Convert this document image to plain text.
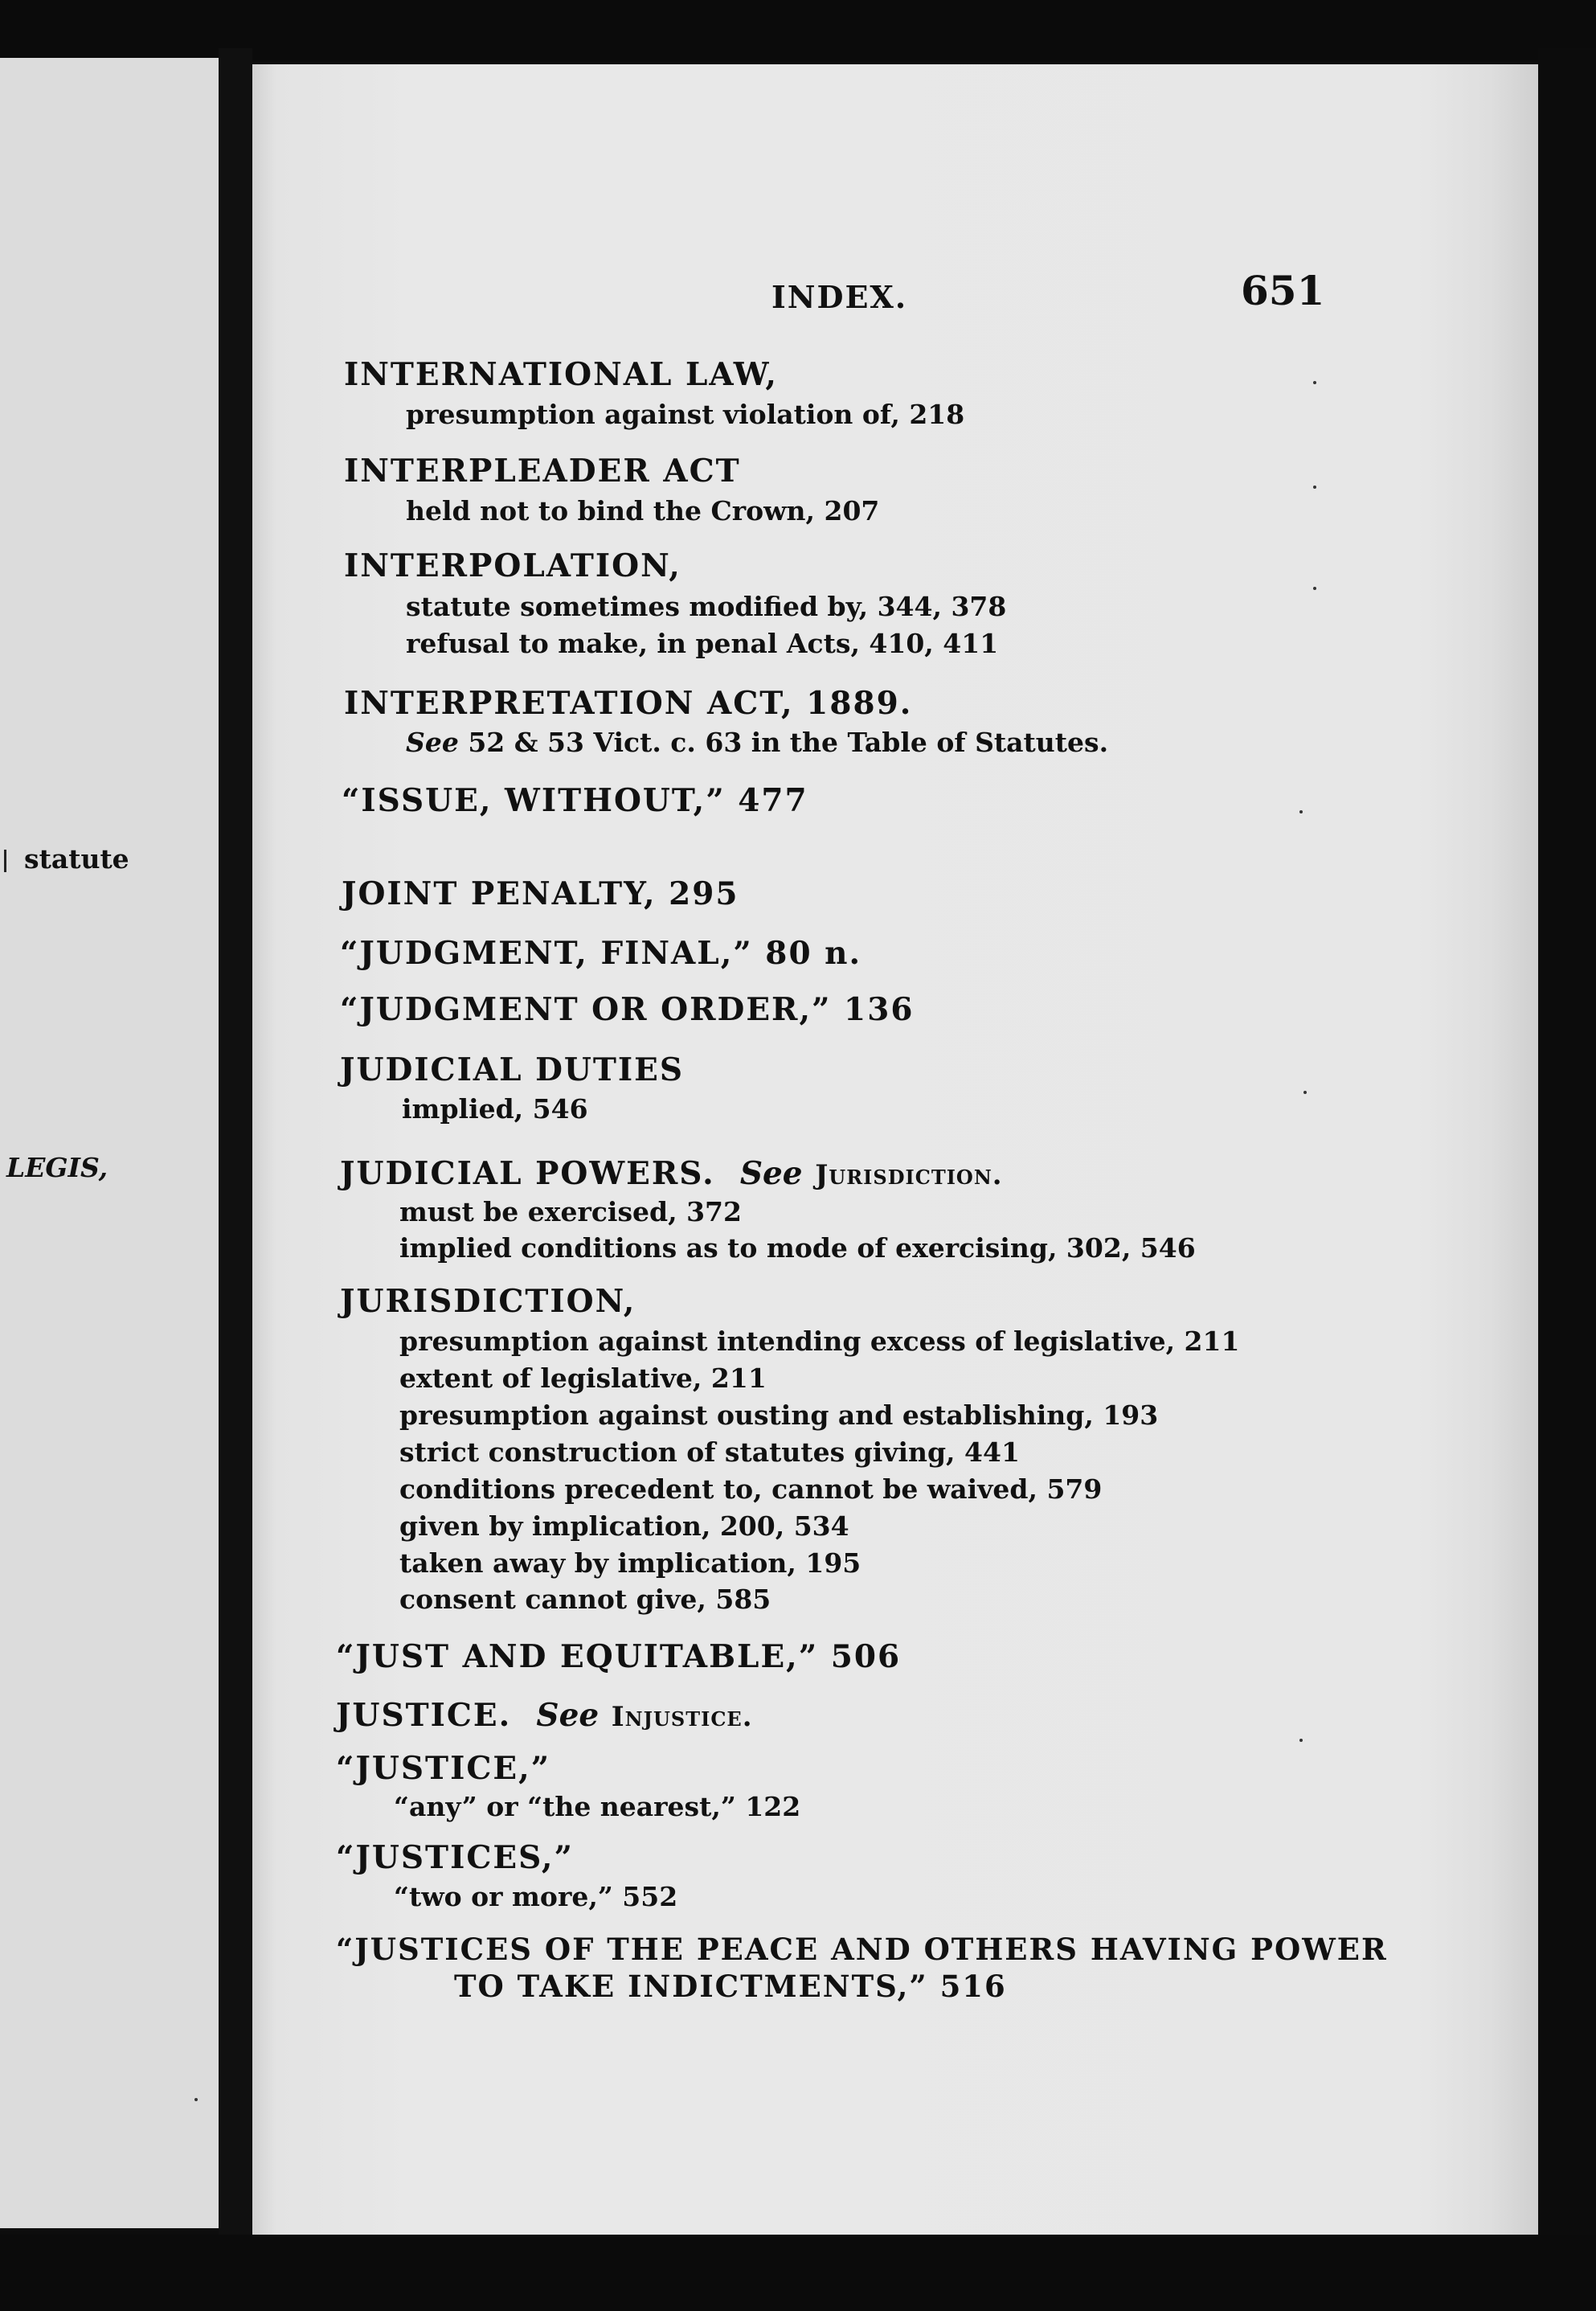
statute
LEGIS,
INDEX.	651
INTERNATIONAL LAW,
presumption against violation of, 218
INTERPLEADER ACT
held not to bind the Crown, 207
INTERPOLATION,
statute sometimes modified by, 344, 378
refusal to make, in penal Acts, 410, 411
INTERPRETATION ACT, 1889.
See 52 & 53 Vict. c. 63 in the Table of Statutes.
“ISSUE, WITHOUT,” 477
JOINT PENALTY, 295
“JUDGMENT, FINAL,” 80 n.
“JUDGMENT OR ORDER,” 136
JUDICIAL DUTIES
implied, 546
JUDICIAL POWERS. See Jurisdiction.
must be exercised, 372
implied conditions as to mode of exercising, 302, 546
JURISDICTION,
presumption against intending excess of legislative, 211
extent of legislative, 211
presumption against ousting and establishing, 193
strict construction of statutes giving, 441
conditions precedent to, cannot be waived, 579
given by implication, 200, 534
taken away by implication, 195
consent cannot give, 585
“JUST AND EQUITABLE,” 506
JUSTICE. See Injustice.
“JUSTICE,”
“any” or “the nearest,” 122
“JUSTICES,”
“two or more,” 552
“JUSTICES OF THE PEACE AND OTHERS HAVING POWER
TO TAKE INDICTMENTS,” 516
